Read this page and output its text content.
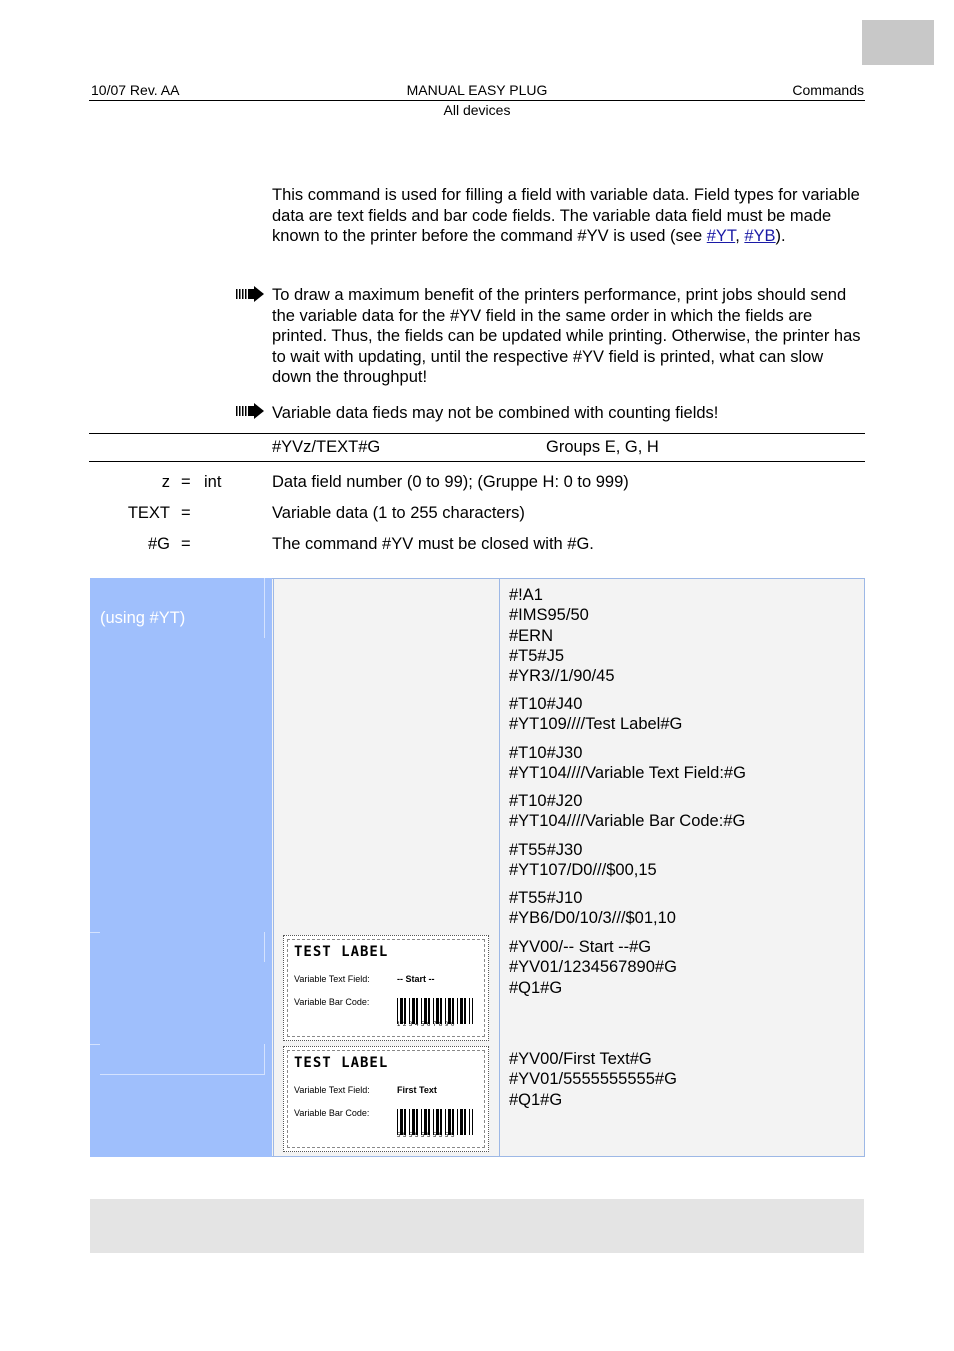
10/07 Rev. AA	MANUAL EASY PLUG	Commands
All devices
This command is used for filling a field with variable data. Field types for variable data are text fields and bar code fields. The variable data field must be made known to the printer before the command #YV is used (see #YT, #YB).
To draw a maximum benefit of the printers performance, print jobs should send the variable data for the #YV field in the same order in which the fields are printed. Thus, the fields can be updated while printing. Otherwise, the printer has to wait with updating, until the respective #YV field is printed, what can slow down the throughput!
Variable data fieds may not be combined with counting fields!
#YVz/TEXT#G	Groups E, G, H
z = int	Data field number (0 to 99); (Gruppe H: 0 to 999)
TEXT =	Variable data (1 to 255 characters)
#G =	The command #YV must be closed with #G.
(using #YT)
#!A1
#IMS95/50
#ERN
#T5#J5
#YR3//1/90/45
#T10#J40
#YT109////Test Label#G
#T10#J30
#YT104////Variable Text Field:#G
#T10#J20
#YT104////Variable Bar Code:#G
#T55#J30
#YT107/D0///$00,15
#T55#J10
#YB6/D0/10/3///$01,10
#YV00/-- Start --#G
#YV01/1234567890#G
#Q1#G
#YV00/First Text#G
#YV01/5555555555#G
#Q1#G
TEST LABEL
Variable Text Field:	-- Start --
Variable Bar Code:
1 2 3 4 5 6 7 8 9 0
TEST LABEL
Variable Text Field:	First Text
Variable Bar Code:
5 5 5 5 5 5 5 5 5 5
